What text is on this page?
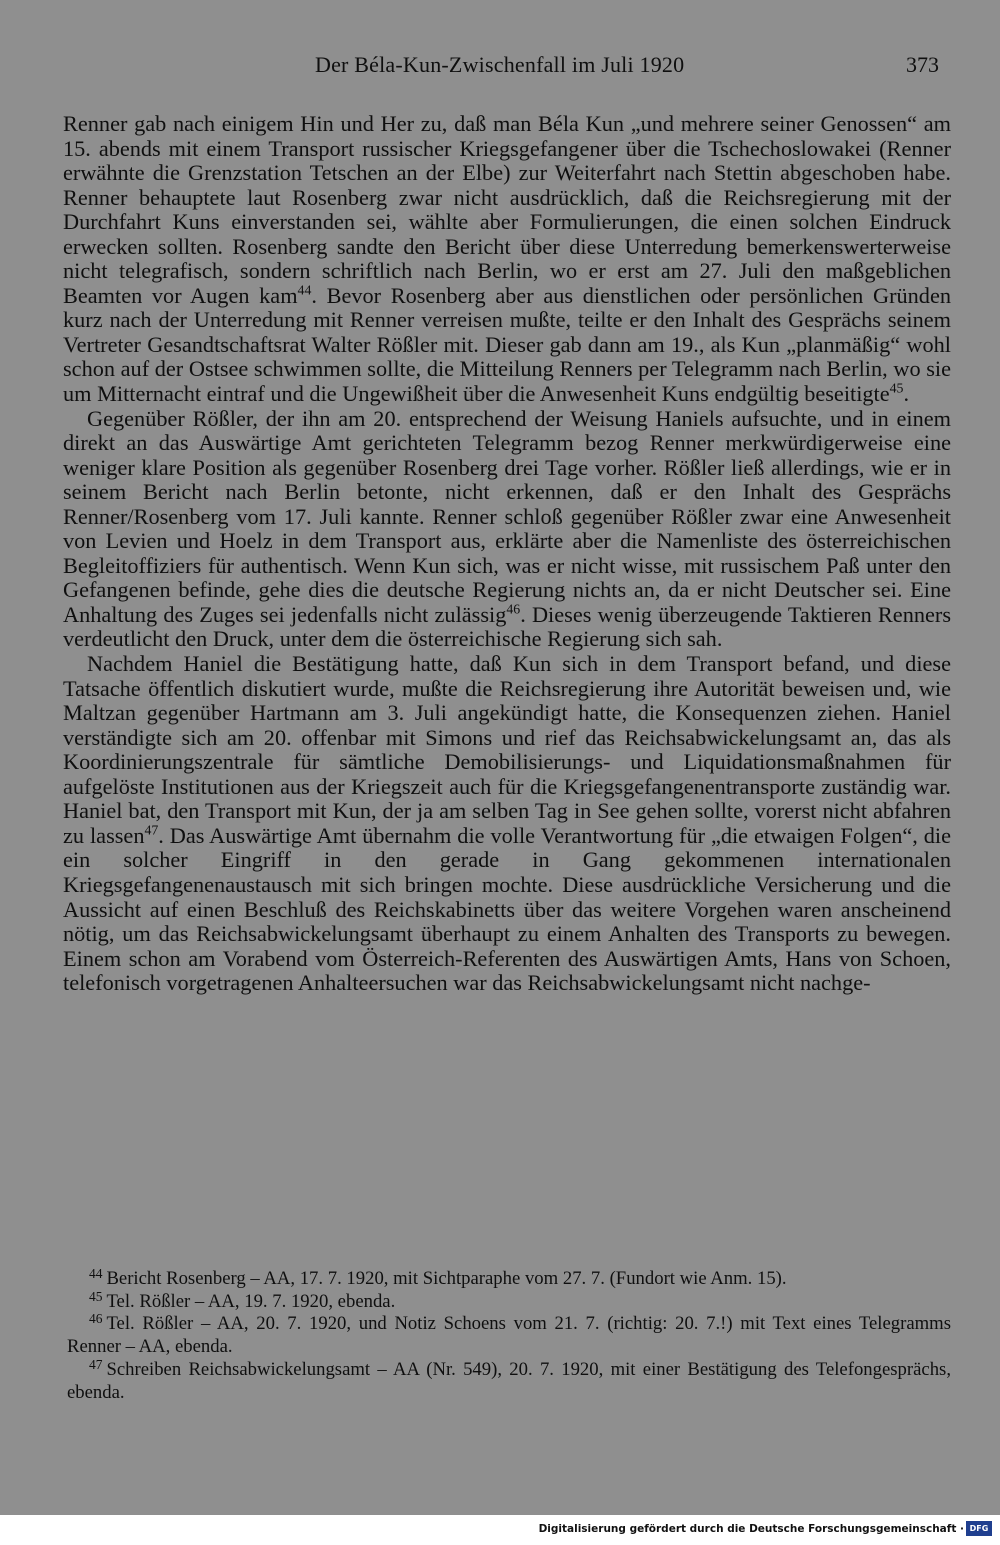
Der Béla-Kun-Zwischenfall im Juli 1920	373

Renner gab nach einigem Hin und Her zu, daß man Béla Kun „und mehrere seiner Genossen“ am 15. abends mit einem Transport russischer Kriegsgefangener über die Tschechoslowakei (Renner erwähnte die Grenzstation Tetschen an der Elbe) zur Weiterfahrt nach Stettin abgeschoben habe. Renner behauptete laut Rosenberg zwar nicht ausdrücklich, daß die Reichsregierung mit der Durchfahrt Kuns einverstanden sei, wählte aber Formulierungen, die einen solchen Eindruck erwecken sollten. Rosenberg sandte den Bericht über diese Unterredung bemerkenswerterweise nicht telegrafisch, sondern schriftlich nach Berlin, wo er erst am 27. Juli den maßgeblichen Beamten vor Augen kam$^{44}$. Bevor Rosenberg aber aus dienstlichen oder persönlichen Gründen kurz nach der Unterredung mit Renner verreisen mußte, teilte er den Inhalt des Gesprächs seinem Vertreter Gesandtschaftsrat Walter Rößler mit. Dieser gab dann am 19., als Kun „planmäßig“ wohl schon auf der Ostsee schwimmen sollte, die Mitteilung Renners per Telegramm nach Berlin, wo sie um Mitternacht eintraf und die Ungewißheit über die Anwesenheit Kuns endgültig beseitigte$^{45}$.

Gegenüber Rößler, der ihn am 20. entsprechend der Weisung Haniels aufsuchte, und in einem direkt an das Auswärtige Amt gerichteten Telegramm bezog Renner merkwürdigerweise eine weniger klare Position als gegenüber Rosenberg drei Tage vorher. Rößler ließ allerdings, wie er in seinem Bericht nach Berlin betonte, nicht erkennen, daß er den Inhalt des Gesprächs Renner/Rosenberg vom 17. Juli kannte. Renner schloß gegenüber Rößler zwar eine Anwesenheit von Levien und Hoelz in dem Transport aus, erklärte aber die Namenliste des österreichischen Begleitoffiziers für authentisch. Wenn Kun sich, was er nicht wisse, mit russischem Paß unter den Gefangenen befinde, gehe dies die deutsche Regierung nichts an, da er nicht Deutscher sei. Eine Anhaltung des Zuges sei jedenfalls nicht zulässig$^{46}$. Dieses wenig überzeugende Taktieren Renners verdeutlicht den Druck, unter dem die österreichische Regierung sich sah.

Nachdem Haniel die Bestätigung hatte, daß Kun sich in dem Transport befand, und diese Tatsache öffentlich diskutiert wurde, mußte die Reichsregierung ihre Autorität beweisen und, wie Maltzan gegenüber Hartmann am 3. Juli angekündigt hatte, die Konsequenzen ziehen. Haniel verständigte sich am 20. offenbar mit Simons und rief das Reichsabwickelungsamt an, das als Koordinierungszentrale für sämtliche Demobilisierungs- und Liquidationsmaßnahmen für aufgelöste Institutionen aus der Kriegszeit auch für die Kriegsgefangenentransporte zuständig war. Haniel bat, den Transport mit Kun, der ja am selben Tag in See gehen sollte, vorerst nicht abfahren zu lassen$^{47}$. Das Auswärtige Amt übernahm die volle Verantwortung für „die etwaigen Folgen“, die ein solcher Eingriff in den gerade in Gang gekommenen internationalen Kriegsgefangenenaustausch mit sich bringen mochte. Diese ausdrückliche Versicherung und die Aussicht auf einen Beschluß des Reichskabinetts über das weitere Vorgehen waren anscheinend nötig, um das Reichsabwickelungsamt überhaupt zu einem Anhalten des Transports zu bewegen. Einem schon am Vorabend vom Österreich-Referenten des Auswärtigen Amts, Hans von Schoen, telefonisch vorgetragenen Anhalteersuchen war das Reichsabwickelungsamt nicht nachge-

$^{44}$ Bericht Rosenberg – AA, 17. 7. 1920, mit Sichtparaphe vom 27. 7. (Fundort wie Anm. 15).

$^{45}$ Tel. Rößler – AA, 19. 7. 1920, ebenda.

$^{46}$ Tel. Rößler – AA, 20. 7. 1920, und Notiz Schoens vom 21. 7. (richtig: 20. 7.!) mit Text eines Telegramms Renner – AA, ebenda.

$^{47}$ Schreiben Reichsabwickelungsamt – AA (Nr. 549), 20. 7. 1920, mit einer Bestätigung des Telefongesprächs, ebenda.

Digitalisierung gefördert durch die Deutsche Forschungsgemeinschaft · DFG
